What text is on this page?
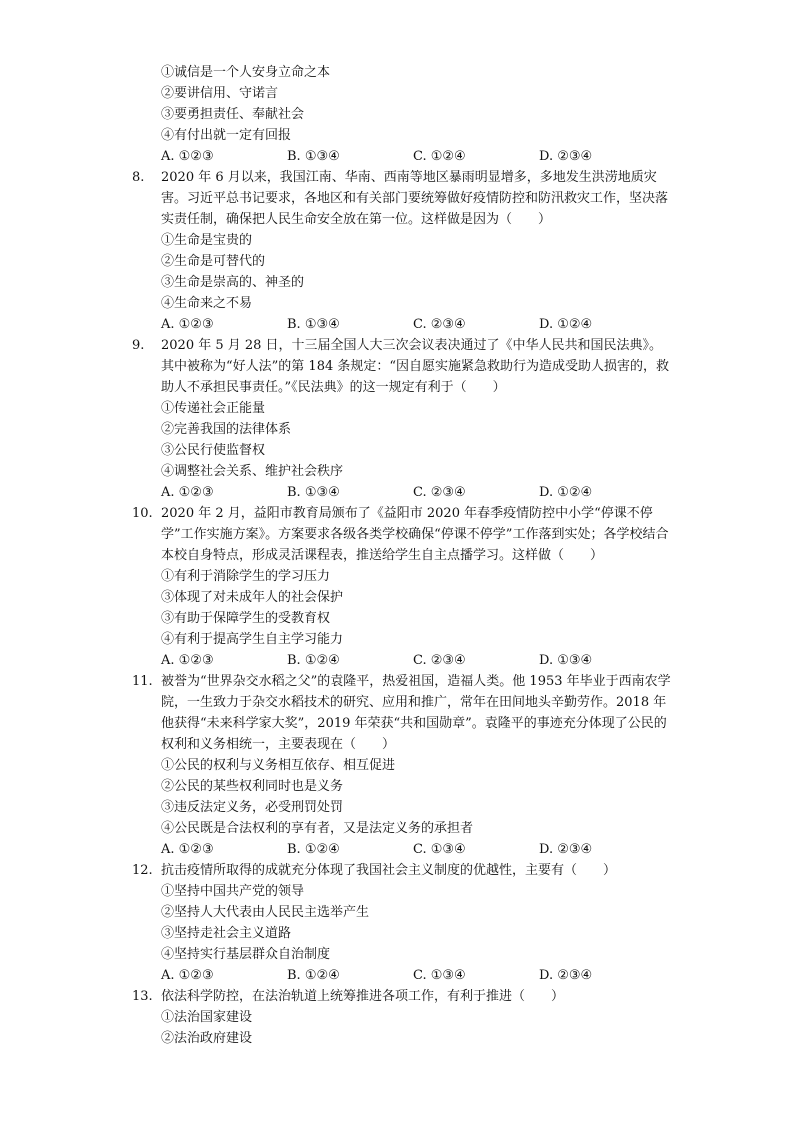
①诚信是一个人安身立命之本
②要讲信用、守诺言
③要勇担责任、奉献社会
④有付出就一定有回报
A. ①②③	B. ①③④	C. ①②④	D. ②③④
8.	2020 年 6 月以来，我国江南、华南、西南等地区暴雨明显增多，多地发生洪涝地质灾害。习近平总书记要求，各地区和有关部门要统筹做好疫情防控和防汛救灾工作，坚决落实责任制，确保把人民生命安全放在第一位。这样做是因为（　　）
①生命是宝贵的
②生命是可替代的
③生命是崇高的、神圣的
④生命来之不易
A. ①②③	B. ①③④	C. ②③④	D. ①②④
9.	2020 年 5 月 28 日，十三届全国人大三次会议表决通过了《中华人民共和国民法典》。其中被称为“好人法”的第 184 条规定：“因自愿实施紧急救助行为造成受助人损害的，救助人不承担民事责任。”《民法典》的这一规定有利于（　　）
①传递社会正能量
②完善我国的法律体系
③公民行使监督权
④调整社会关系、维护社会秩序
A. ①②③	B. ①③④	C. ②③④	D. ①②④
10. 2020 年 2 月，益阳市教育局颁布了《益阳市 2020 年春季疫情防控中小学“停课不停学”工作实施方案》。方案要求各级各类学校确保“停课不停学”工作落到实处；各学校结合本校自身特点，形成灵活课程表，推送给学生自主点播学习。这样做（　　）
①有利于消除学生的学习压力
③体现了对未成年人的社会保护
③有助于保障学生的受教育权
④有利于提高学生自主学习能力
A. ①②③	B. ①②④	C. ②③④	D. ①③④
11. 被誉为“世界杂交水稻之父”的袁隆平，热爱祖国，造福人类。他 1953 年毕业于西南农学院，一生致力于杂交水稻技术的研究、应用和推广，常年在田间地头辛勤劳作。2018 年他获得“未来科学家大奖”，2019 年荣获“共和国勋章”。袁隆平的事迹充分体现了公民的权利和义务相统一，主要表现在（　　）
①公民的权利与义务相互依存、相互促进
②公民的某些权利同时也是义务
③违反法定义务，必受刑罚处罚
④公民既是合法权利的享有者，又是法定义务的承担者
A. ①②③	B. ①②④	C. ①③④	D. ②③④
12. 抗击疫情所取得的成就充分体现了我国社会主义制度的优越性，主要有（　　）
①坚持中国共产党的领导
②坚持人大代表由人民民主选举产生
③坚持走社会主义道路
④坚持实行基层群众自治制度
A. ①②③	B. ①②④	C. ①③④	D. ②③④
13. 依法科学防控，在法治轨道上统筹推进各项工作，有利于推进（　　）
①法治国家建设
②法治政府建设
